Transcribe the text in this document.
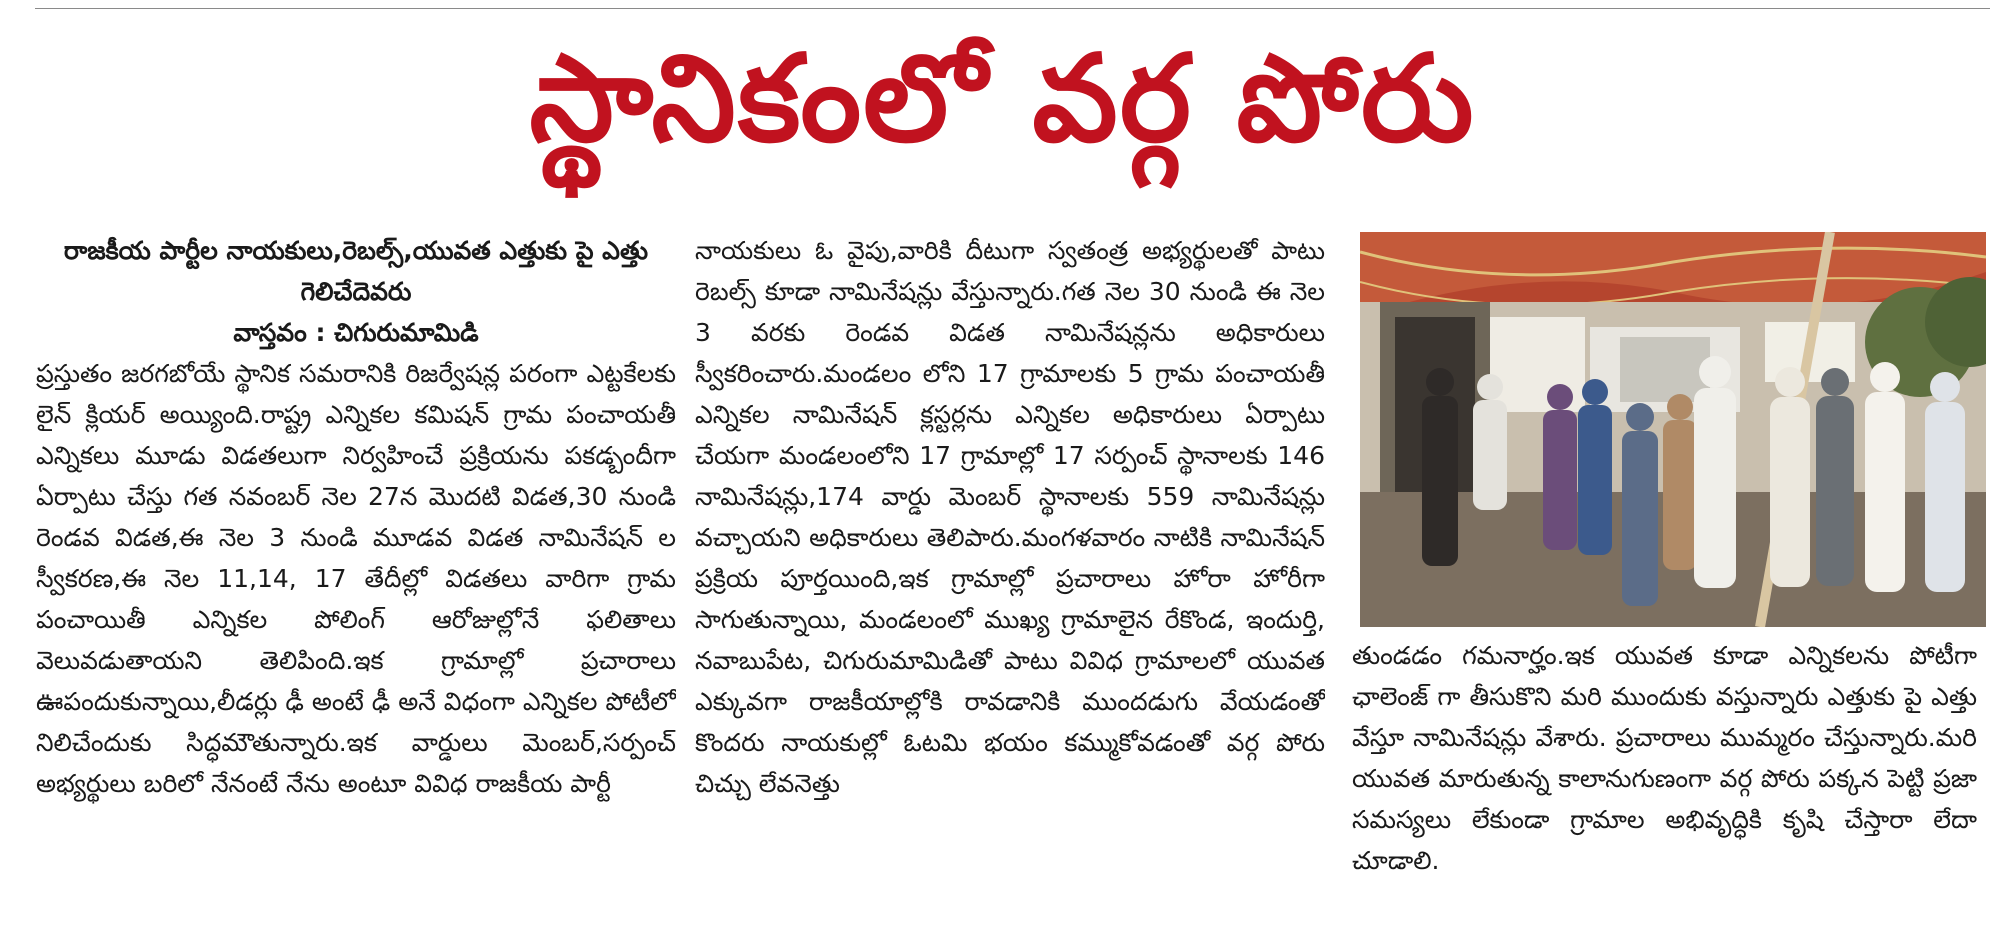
స్థానికంలో వర్గ పోరు

రాజకీయ పార్టీల నాయకులు,రెబల్స్,యువత ఎత్తుకు పై ఎత్తు గెలిచేదెవరు

వాస్తవం : చిగురుమామిడి

ప్రస్తుతం జరగబోయే స్థానిక సమరానికి రిజర్వేషన్ల పరంగా ఎట్టకేలకు లైన్ క్లియర్ అయ్యింది.రాష్ట్ర ఎన్నికల కమిషన్ గ్రామ పంచాయతీ ఎన్నికలు మూడు విడతలుగా నిర్వహించే ప్రక్రియను పకడ్బందీగా ఏర్పాటు చేస్తు గత నవంబర్ నెల 27న మొదటి విడత,30 నుండి రెండవ విడత,ఈ నెల 3 నుండి మూడవ విడత నామినేషన్ ల స్వీకరణ,ఈ నెల 11,14, 17 తేదీల్లో విడతలు వారిగా గ్రామ పంచాయితీ ఎన్నికల పోలింగ్ ఆరోజుల్లోనే ఫలితాలు వెలువడుతాయని తెలిపింది.ఇక గ్రామాల్లో ప్రచారాలు ఊపందుకున్నాయి,లీడర్లు ఢీ అంటే ఢీ అనే విధంగా ఎన్నికల పోటీలో నిలిచేందుకు సిద్ధమౌతున్నారు.ఇక వార్డులు మెంబర్,సర్పంచ్ అభ్యర్థులు బరిలో నేనంటే నేను అంటూ వివిధ రాజకీయ పార్టీ

నాయకులు ఓ వైపు,వారికి దీటుగా స్వతంత్ర అభ్యర్థులతో పాటు రెబల్స్ కూడా నామినేషన్లు వేస్తున్నారు.గత నెల 30 నుండి ఈ నెల 3 వరకు రెండవ విడత నామినేషన్లను అధికారులు స్వీకరించారు.మండలం లోని 17 గ్రామాలకు 5 గ్రామ పంచాయతీ ఎన్నికల నామినేషన్ క్లస్టర్లను ఎన్నికల అధికారులు ఏర్పాటు చేయగా మండలంలోని 17 గ్రామాల్లో 17 సర్పంచ్ స్థానాలకు 146 నామినేషన్లు,174 వార్డు మెంబర్ స్థానాలకు 559 నామినేషన్లు వచ్చాయని అధికారులు తెలిపారు.మంగళవారం నాటికి నామినేషన్ ప్రక్రియ పూర్తయింది,ఇక గ్రామాల్లో ప్రచారాలు హోరా హోరీగా సాగుతున్నాయి, మండలంలో ముఖ్య గ్రామాలైన రేకొండ, ఇందుర్తి, నవాబుపేట, చిగురుమామిడితో పాటు వివిధ గ్రామాలలో యువత ఎక్కువగా రాజకీయాల్లోకి రావడానికి ముందడుగు వేయడంతో కొందరు నాయకుల్లో ఓటమి భయం కమ్ముకోవడంతో వర్గ పోరు చిచ్చు లేవనెత్తు

తుండడం గమనార్హం.ఇక యువత కూడా ఎన్నికలను పోటీగా ఛాలెంజ్ గా తీసుకొని మరి ముందుకు వస్తున్నారు ఎత్తుకు పై ఎత్తు వేస్తూ నామినేషన్లు వేశారు. ప్రచారాలు ముమ్మరం చేస్తున్నారు.మరి యువత మారుతున్న కాలానుగుణంగా వర్గ పోరు పక్కన పెట్టి ప్రజా సమస్యలు లేకుండా గ్రామాల అభివృద్ధికి కృషి చేస్తారా లేదా చూడాలి.
